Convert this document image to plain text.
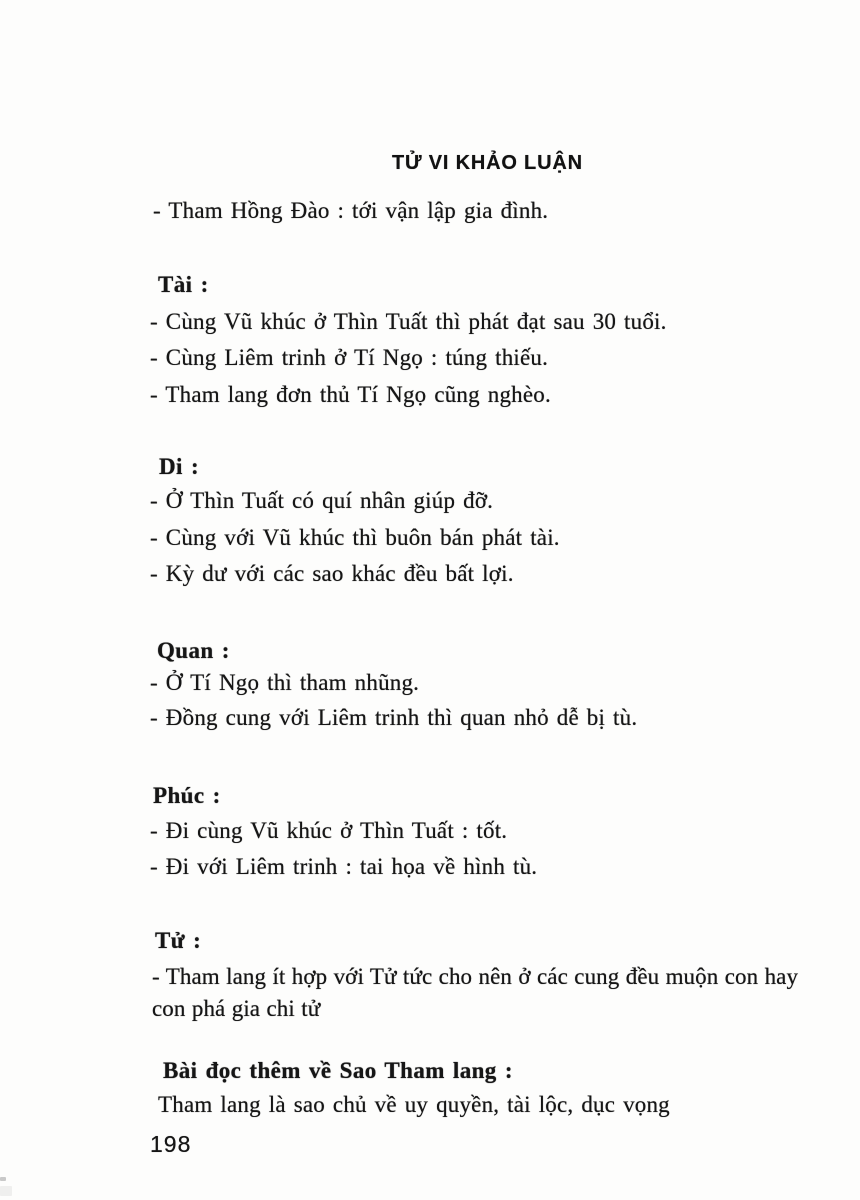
TỬ VI KHẢO LUẬN
- Tham Hồng Đào : tới vận lập gia đình.
Tài :
- Cùng Vũ khúc ở Thìn Tuất thì phát đạt sau 30 tuổi.
- Cùng Liêm trinh ở Tí Ngọ : túng thiếu.
- Tham lang đơn thủ Tí Ngọ cũng nghèo.
Di :
- Ở Thìn Tuất có quí nhân giúp đỡ.
- Cùng với Vũ khúc thì buôn bán phát tài.
- Kỳ dư với các sao khác đều bất lợi.
Quan :
- Ở Tí Ngọ thì tham nhũng.
- Đồng cung với Liêm trinh thì quan nhỏ dễ bị tù.
Phúc :
- Đi cùng Vũ khúc ở Thìn Tuất : tốt.
- Đi với Liêm trinh : tai họa về hình tù.
Tử :
- Tham lang ít hợp với Tử tức cho nên ở các cung đều muộn con hay con phá gia chi tử
Bài đọc thêm về Sao Tham lang :
Tham lang là sao chủ về uy quyền, tài lộc, dục vọng
198
